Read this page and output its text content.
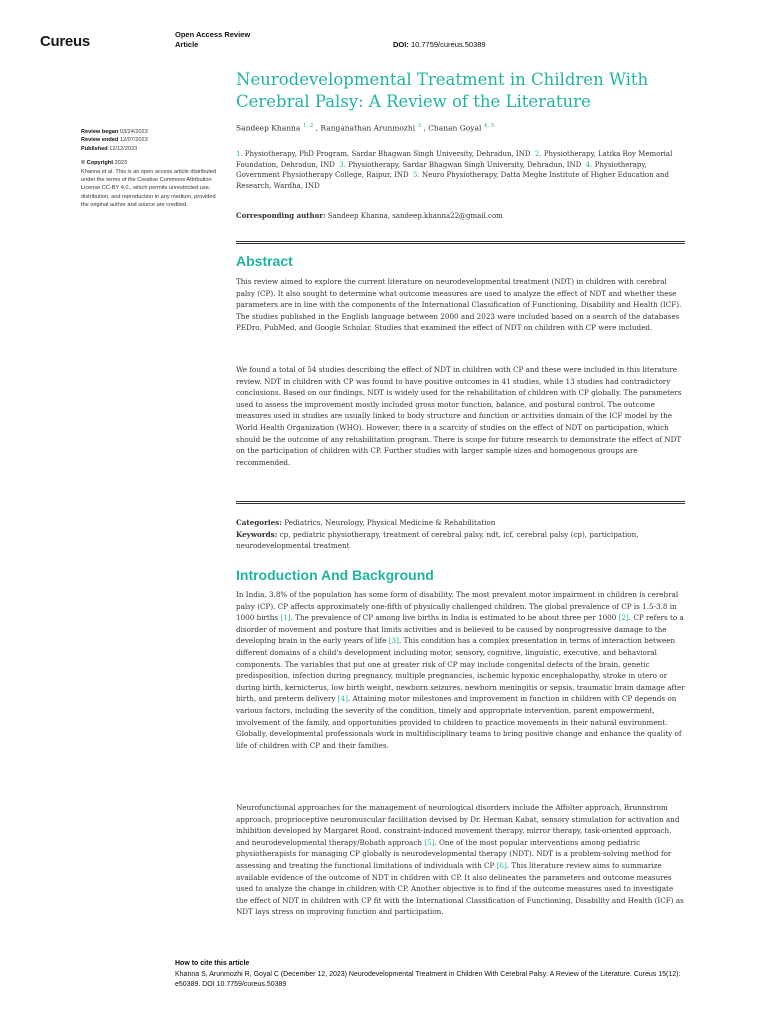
Cureus	Open Access Review
Article	DOI: 10.7759/cureus.50389
Neurodevelopmental Treatment in Children With Cerebral Palsy: A Review of the Literature
Sandeep Khanna $^{1, 2}$ , Ranganathan Arunmozhi $^3$ , Chanan Goyal $^{4, 5}$
1. Physiotherapy, PhD Program, Sardar Bhagwan Singh University, Dehradun, IND 2. Physiotherapy, Latika Roy Memorial Foundation, Dehradun, IND 3. Physiotherapy, Sardar Bhagwan Singh University, Dehradun, IND 4. Physiotherapy, Government Physiotherapy College, Raipur, IND 5. Neuro Physiotherapy, Datta Meghe Institute of Higher Education and Research, Wardha, IND
Corresponding author: Sandeep Khanna, sandeep.khanna22@gmail.com
Review began 03/24/2023
Review ended 12/07/2023
Published 12/12/2023
© Copyright 2023
Khanna et al. This is an open access article distributed under the terms of the Creative Commons Attribution License CC-BY 4.0., which permits unrestricted use, distribution, and reproduction in any medium, provided the original author and source are credited.
Abstract

This review aimed to explore the current literature on neurodevelopmental treatment (NDT) in children with cerebral palsy (CP). It also sought to determine what outcome measures are used to analyze the effect of NDT and whether these parameters are in line with the components of the International Classification of Functioning, Disability and Health (ICF). The studies published in the English language between 2000 and 2023 were included based on a search of the databases PEDro, PubMed, and Google Scholar. Studies that examined the effect of NDT on children with CP were included.

We found a total of 54 studies describing the effect of NDT in children with CP and these were included in this literature review. NDT in children with CP was found to have positive outcomes in 41 studies, while 13 studies had contradictory conclusions. Based on our findings, NDT is widely used for the rehabilitation of children with CP globally. The parameters used to assess the improvement mostly included gross motor function, balance, and postural control. The outcome measures used in studies are usually linked to body structure and function or activities domain of the ICF model by the World Health Organization (WHO). However, there is a scarcity of studies on the effect of NDT on participation, which should be the outcome of any rehabilitation program. There is scope for future research to demonstrate the effect of NDT on the participation of children with CP. Further studies with larger sample sizes and homogenous groups are recommended.

Categories: Pediatrics, Neurology, Physical Medicine & Rehabilitation

Keywords: cp, pediatric physiotherapy, treatment of cerebral palsy, ndt, icf, cerebral palsy (cp), participation, neurodevelopmental treatment

Introduction And Background

In India, 3.8% of the population has some form of disability. The most prevalent motor impairment in children is cerebral palsy (CP). CP affects approximately one-fifth of physically challenged children. The global prevalence of CP is 1.5-3.8 in 1000 births [1]. The prevalence of CP among live births in India is estimated to be about three per 1000 [2]. CP refers to a disorder of movement and posture that limits activities and is believed to be caused by nonprogressive damage to the developing brain in the early years of life [3]. This condition has a complex presentation in terms of interaction between different domains of a child's development including motor, sensory, cognitive, linguistic, executive, and behavioral components. The variables that put one at greater risk of CP may include congenital defects of the brain, genetic predisposition, infection during pregnancy, multiple pregnancies, ischemic hypoxic encephalopathy, stroke in utero or during birth, kernicterus, low birth weight, newborn seizures, newborn meningitis or sepsis, traumatic brain damage after birth, and preterm delivery [4]. Attaining motor milestones and improvement in function in children with CP depends on various factors, including the severity of the condition, timely and appropriate intervention, parent empowerment, involvement of the family, and opportunities provided to children to practice movements in their natural environment. Globally, developmental professionals work in multidisciplinary teams to bring positive change and enhance the quality of life of children with CP and their families.

Neurofunctional approaches for the management of neurological disorders include the Affolter approach, Brunnstrom approach, proprioceptive neuromuscular facilitation devised by Dr. Herman Kabat, sensory stimulation for activation and inhibition developed by Margaret Rood, constraint-induced movement therapy, mirror therapy, task-oriented approach, and neurodevelopmental therapy/Bobath approach [5]. One of the most popular interventions among pediatric physiotherapists for managing CP globally is neurodevelopmental therapy (NDT). NDT is a problem-solving method for assessing and treating the functional limitations of individuals with CP [6]. This literature review aims to summarize available evidence of the outcome of NDT in children with CP. It also delineates the parameters and outcome measures used to analyze the change in children with CP. Another objective is to find if the outcome measures used to investigate the effect of NDT in children with CP fit with the International Classification of Functioning, Disability and Health (ICF) as NDT lays stress on improving function and participation.

How to cite this article
Khanna S, Arunmozhi R, Goyal C (December 12, 2023) Neurodevelopmental Treatment in Children With Cerebral Palsy: A Review of the Literature. Cureus 15(12): e50389. DOI 10.7759/cureus.50389
